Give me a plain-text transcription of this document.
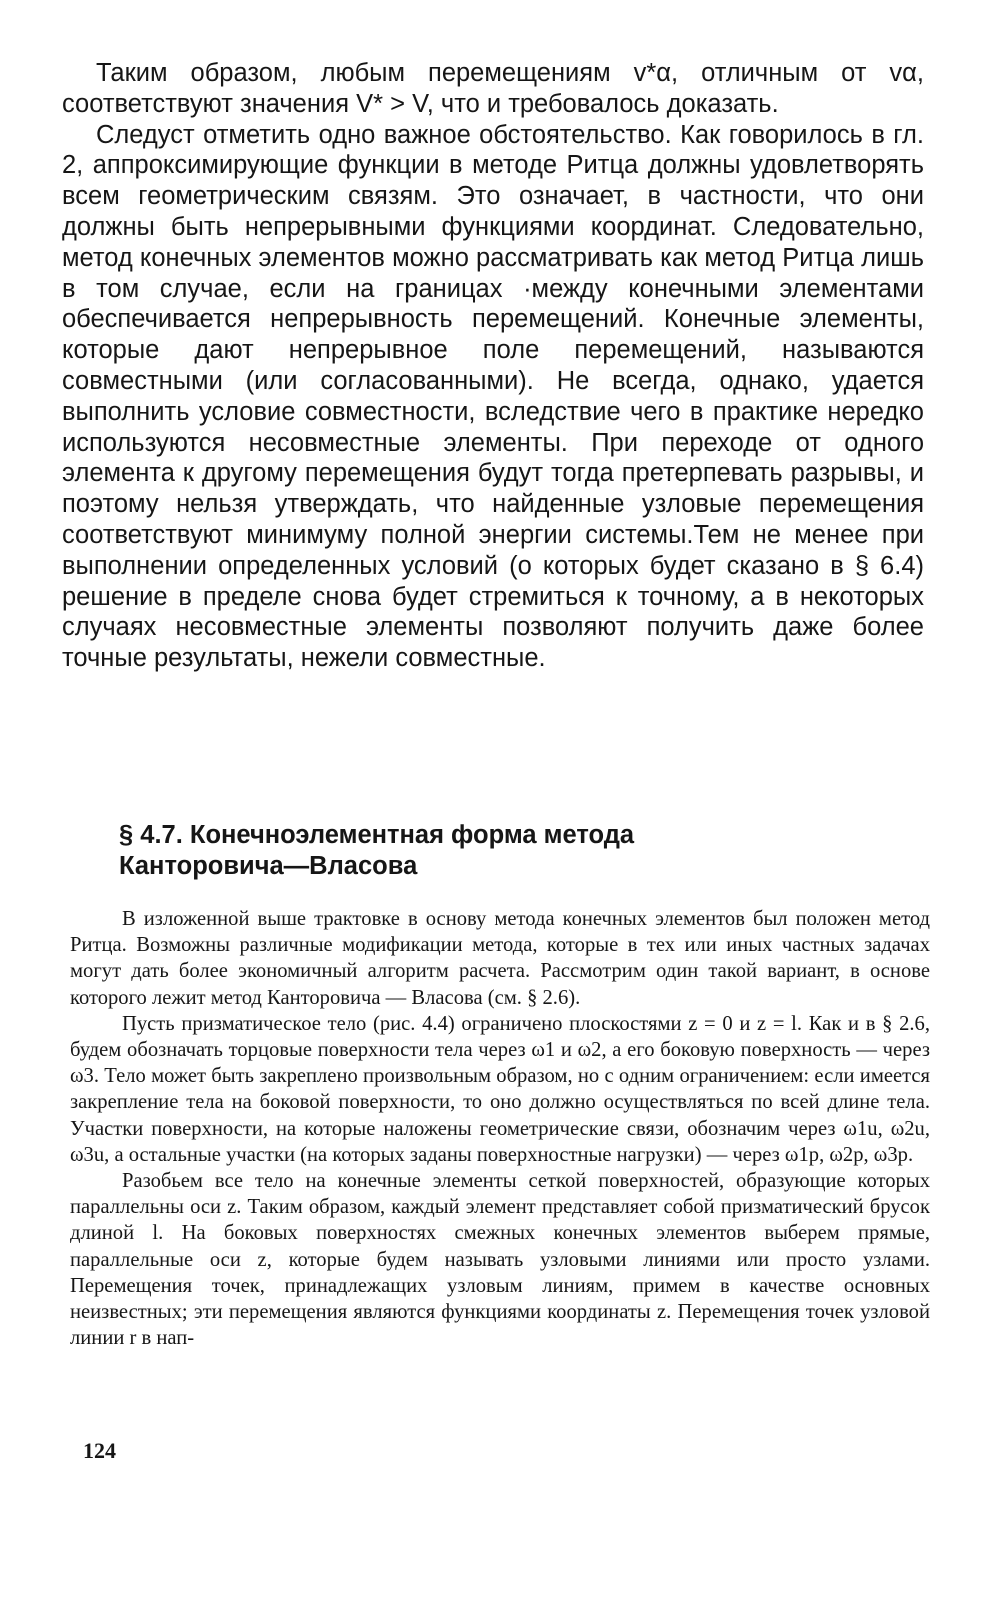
Таким образом, любым перемещениям v*α, отличным от vα, соответствуют значения V* > V, что и требовалось доказать.

Следуст отметить одно важное обстоятельство. Как говорилось в гл. 2, аппроксимирующие функции в методе Ритца должны удовлетворять всем геометрическим связям. Это означает, в частности, что они должны быть непрерывными функциями координат. Следовательно, метод конечных элементов можно рассматривать как метод Ритца лишь в том случае, если на границах ·между конечными элементами обеспечивается непрерывность перемещений. Конечные элементы, которые дают непрерывное поле перемещений, называются совместными (или согласованными). Не всегда, однако, удается выполнить условие совместности, вследствие чего в практике нередко используются несовместные элементы. При переходе от одного элемента к другому перемещения будут тогда претерпевать разрывы, и поэтому нельзя утверждать, что найденные узловые перемещения соответствуют минимуму полной энергии системы.Тем не менее при выполнении определенных условий (о которых будет сказано в § 6.4) решение в пределе снова будет стремиться к точному, а в некоторых случаях несовместные элементы позволяют получить даже более точные результаты, нежели совместные.

§ 4.7. Конечноэлементная форма метода
Канторовича—Власова

В изложенной выше трактовке в основу метода конечных элементов был положен метод Ритца. Возможны различные модификации метода, которые в тех или иных частных задачах могут дать более экономичный алгоритм расчета. Рассмотрим один такой вариант, в основе которого лежит метод Канторовича — Власова (см. § 2.6).

Пусть призматическое тело (рис. 4.4) ограничено плоскостями z = 0 и z = l. Как и в § 2.6, будем обозначать торцовые поверхности тела через ω1 и ω2, а его боковую поверхность — через ω3. Тело может быть закреплено произвольным образом, но с одним ограничением: если имеется закрепление тела на боковой поверхности, то оно должно осуществляться по всей длине тела. Участки поверхности, на которые наложены геометрические связи, обозначим через ω1u, ω2u, ω3u, а остальные участки (на которых заданы поверхностные нагрузки) — через ω1p, ω2p, ω3p.

Разобьем все тело на конечные элементы сеткой поверхностей, образующие которых параллельны оси z. Таким образом, каждый элемент представляет собой призматический брусок длиной l. На боковых поверхностях смежных конечных элементов выберем прямые, параллельные оси z, которые будем называть узловыми линиями или просто узлами. Перемещения точек, принадлежащих узловым линиям, примем в качестве основных неизвестных; эти перемещения являются функциями координаты z. Перемещения точек узловой линии r в нап-

124
